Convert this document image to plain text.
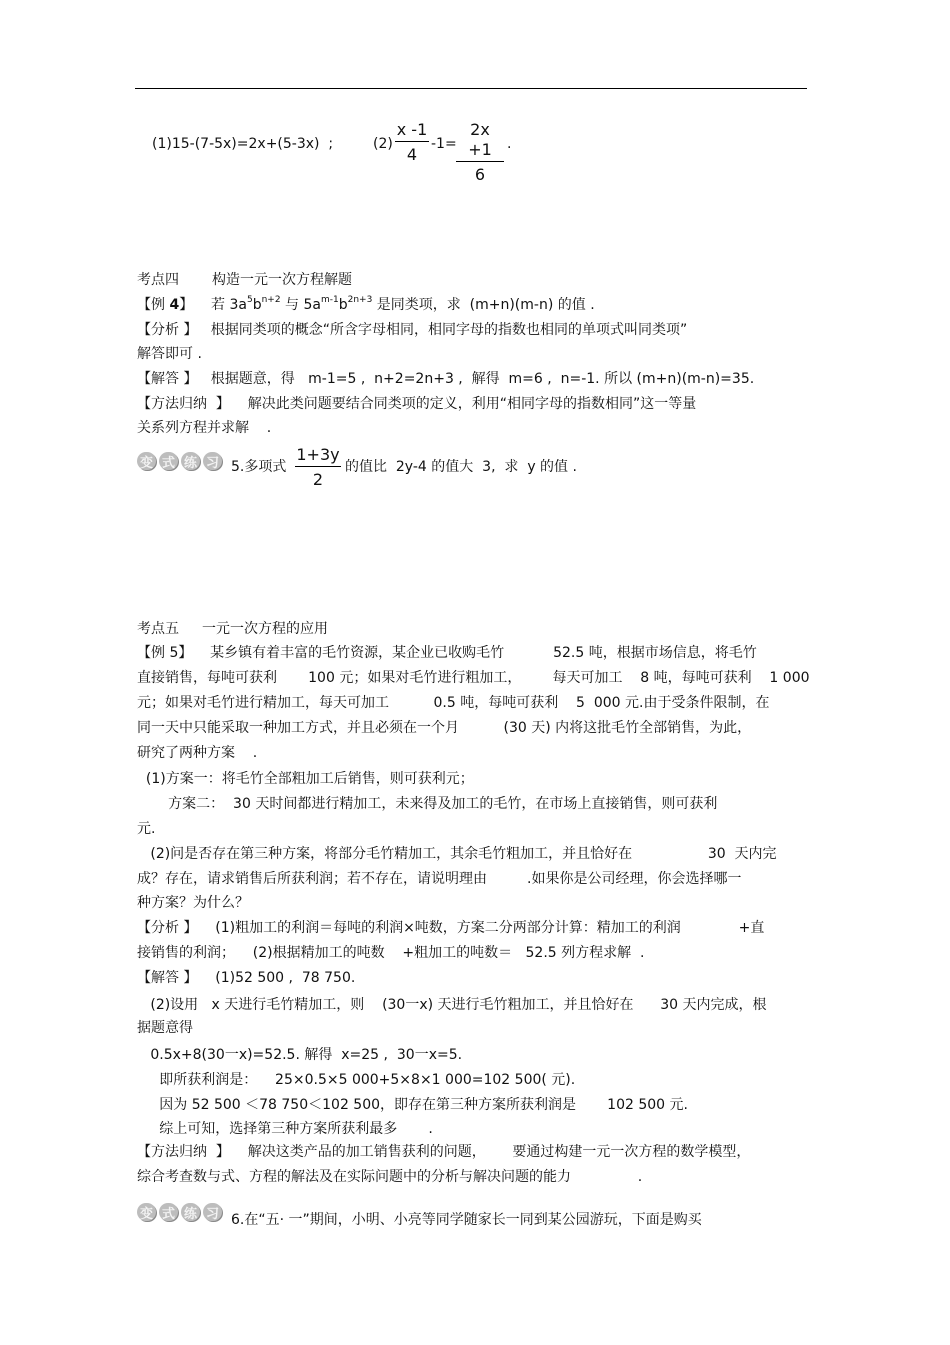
(1)15-(7-5x)=2x+(5-3x)  ;	(2)
x -1
4
-1=
2x +1
6
.
考点四 构造一元一次方程解题
【例 4】 若 $3a^5b^{n+2}$ 与 $5a^{m-1}b^{2n+3}$ 是同类项，求  (m+n)(m-n) 的值 .
【分析 】   根据同类项的概念“所含字母相同，相同字母的指数也相同的单项式叫同类项”
解答即可 .
【解答 】   根据题意，得   m-1=5 ,  n+2=2n+3 ,  解得  m=6 ,  n=-1. 所以 (m+n)(m-n)=35.
【方法归纳  】    解决此类问题要结合同类项的定义，利用“相同字母的指数相同”这一等量
关系列方程并求解    .
变 式 练 习 5.多项式
1+3y
2
的值比  2y-4 的值大  3,  求  y 的值 .
考点五 一元一次方程的应用
【例 5】    某乡镇有着丰富的毛竹资源，某企业已收购毛竹           52.5 吨，根据市场信息，将毛竹
直接销售，每吨可获利       100 元；如果对毛竹进行粗加工，       每天可加工    8 吨，每吨可获利    1 000
元；如果对毛竹进行精加工，每天可加工          0.5 吨，每吨可获利    5  000 元.由于受条件限制，在
同一天中只能采取一种加工方式，并且必须在一个月          (30 天) 内将这批毛竹全部销售，为此，
研究了两种方案    .
(1)方案一：将毛竹全部粗加工后销售，则可获利元；
方案二：  30 天时间都进行精加工，未来得及加工的毛竹，在市场上直接销售，则可获利
元.
(2)问是否存在第三种方案，将部分毛竹精加工，其余毛竹粗加工，并且恰好在                 30  天内完
成？存在，请求销售后所获利润；若不存在，请说明理由         .如果你是公司经理，你会选择哪一
种方案？为什么？
【分析 】    (1)粗加工的利润＝每吨的利润×吨数，方案二分两部分计算：精加工的利润             +直
接销售的利润；    (2)根据精加工的吨数    +粗加工的吨数＝   52.5 列方程求解  .
【解答 】    (1)52 500 ,  78 750.
(2)设用   x 天进行毛竹精加工，则    (30一x) 天进行毛竹粗加工，并且恰好在      30 天内完成，根
据题意得
0.5x+8(30一x)=52.5. 解得  x=25 ,  30一x=5.
即所获利润是：    25×0.5×5 000+5×8×1 000=102 500( 元).
因为 52 500 ＜78 750＜102 500，即存在第三种方案所获利润是       102 500 元.
综上可知，选择第三种方案所获利最多       .
【方法归纳  】    解决这类产品的加工销售获利的问题，      要通过构建一元一次方程的数学模型，
综合考查数与式、方程的解法及在实际问题中的分析与解决问题的能力               .
变 式 练 习 6.在“五· 一”期间，小明、小亮等同学随家长一同到某公园游玩，下面是购买
